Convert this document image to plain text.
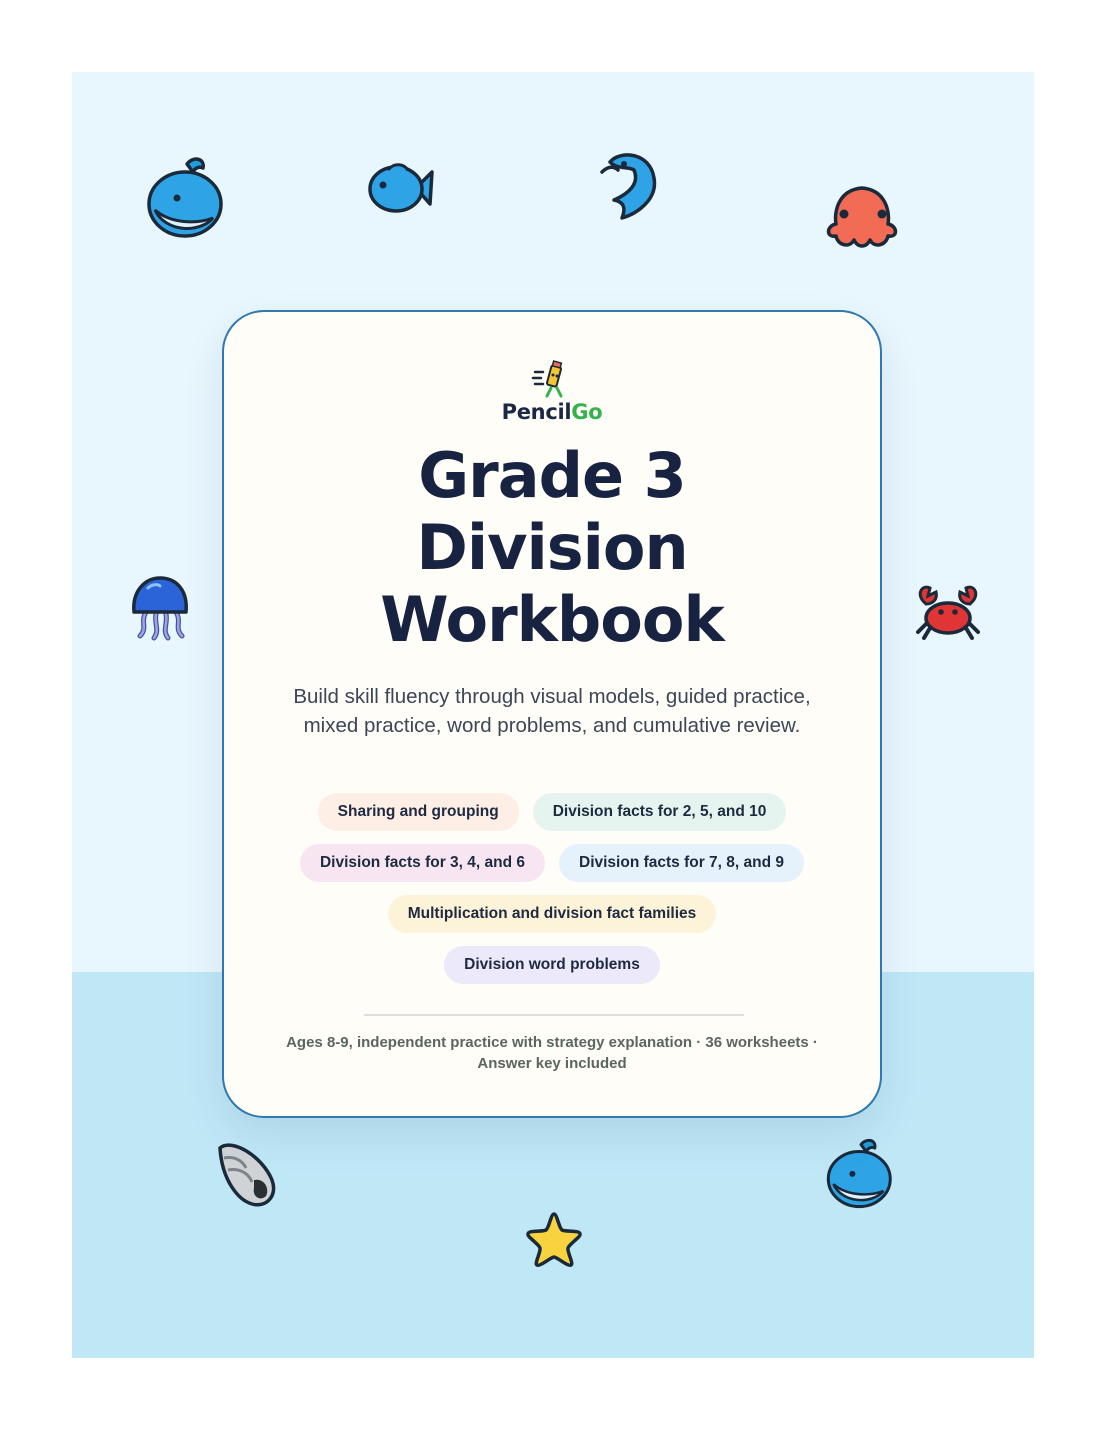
PencilGo
Grade 3
Division
Workbook

Build skill fluency through visual models, guided practice, mixed practice, word problems, and cumulative review.

Sharing and grouping	Division facts for 2, 5, and 10
Division facts for 3, 4, and 6	Division facts for 7, 8, and 9
Multiplication and division fact families
Division word problems

Ages 8-9, independent practice with strategy explanation · 36 worksheets · Answer key included
